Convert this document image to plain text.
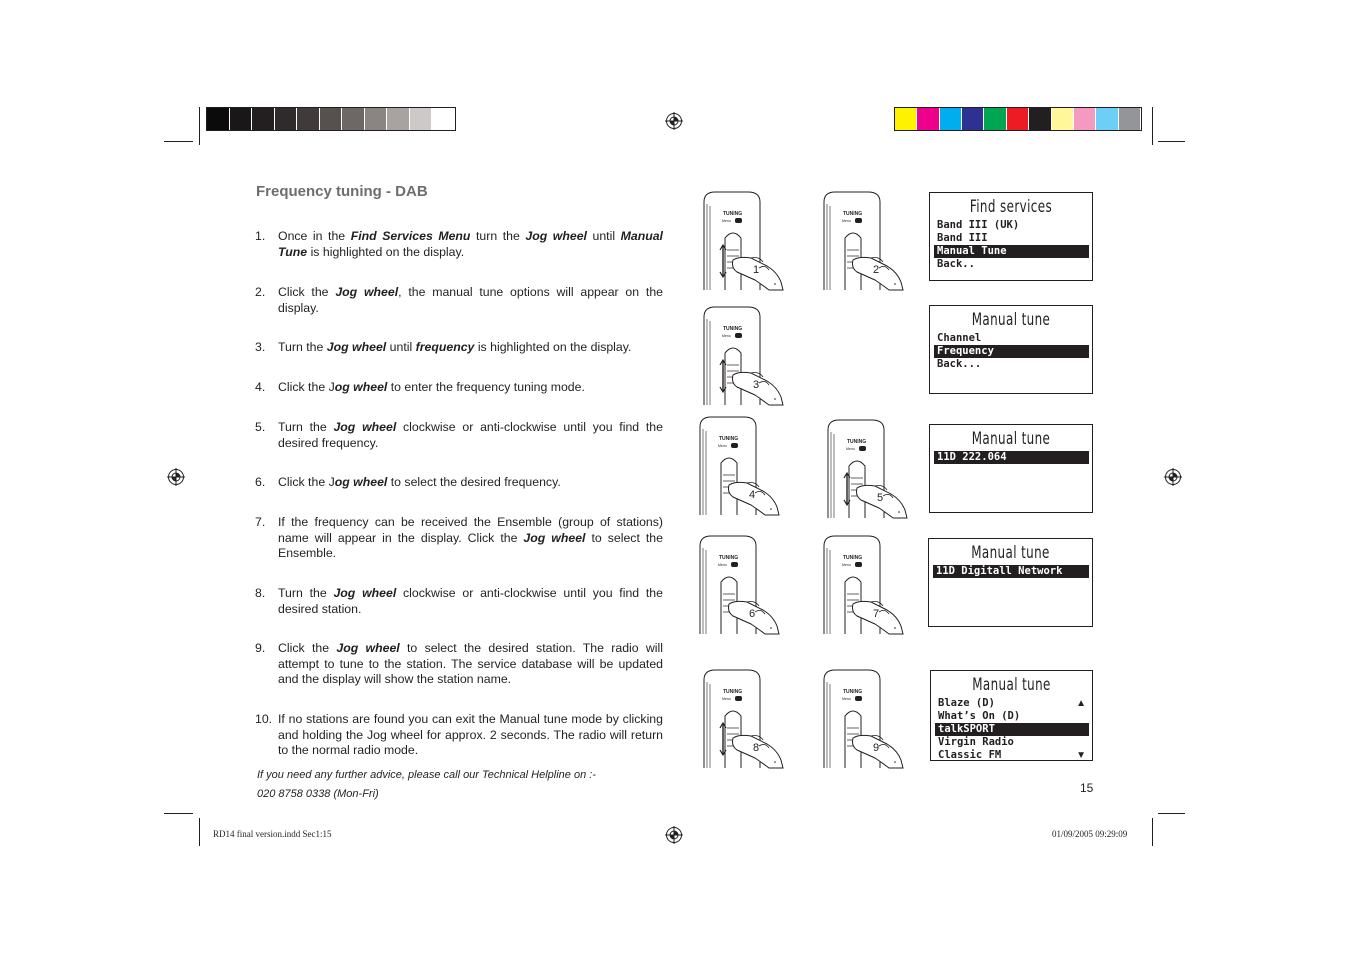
Frequency tuning - DAB
1.	Once in the Find Services Menu turn the Jog wheel until Manual Tune is highlighted on the display.
2.	Click the Jog wheel, the manual tune options will appear on the display.
3.	Turn the Jog wheel until frequency is highlighted on the display.
4.	Click the Jog wheel to enter the frequency tuning mode.
5.	Turn the Jog wheel clockwise or anti-clockwise until you find the desired frequency.
6.	Click the Jog wheel to select the desired frequency.
7.	If the frequency can be received the Ensemble (group of stations) name will appear in the display. Click the Jog wheel to select the Ensemble.
8.	Turn the Jog wheel clockwise or anti-clockwise until you find the desired station.
9.	Click the Jog wheel to select the desired station. The radio will attempt to tune to the station. The service database will be updated and the display will show the station name.
10. If no stations are found you can exit the Manual tune mode by clicking and holding the Jog wheel for approx. 2 seconds. The radio will return to the normal radio mode.
If you need any further advice, please call our Technical Helpline on :-
020 8758 0338 (Mon-Fri)	15
RD14 final version.indd Sec1:15	01/09/2005 09:29:09
TUNING
Menu
1
TUNING
Menu
2
TUNING
Menu
3
TUNING
Menu
4
TUNING
Menu
5
TUNING
Menu
6
TUNING
Menu
7
TUNING
Menu
8
TUNING
Menu
9
Find services
Band III (UK)
Band III
Manual Tune
Back..
Manual tune
Channel
Frequency
Back...
Manual tune
11D 222.064
Manual tune
11D Digitall Network
Manual tune
Blaze (D)
What’s On (D)
talkSPORT
Virgin Radio
Classic FM
▲
▼
